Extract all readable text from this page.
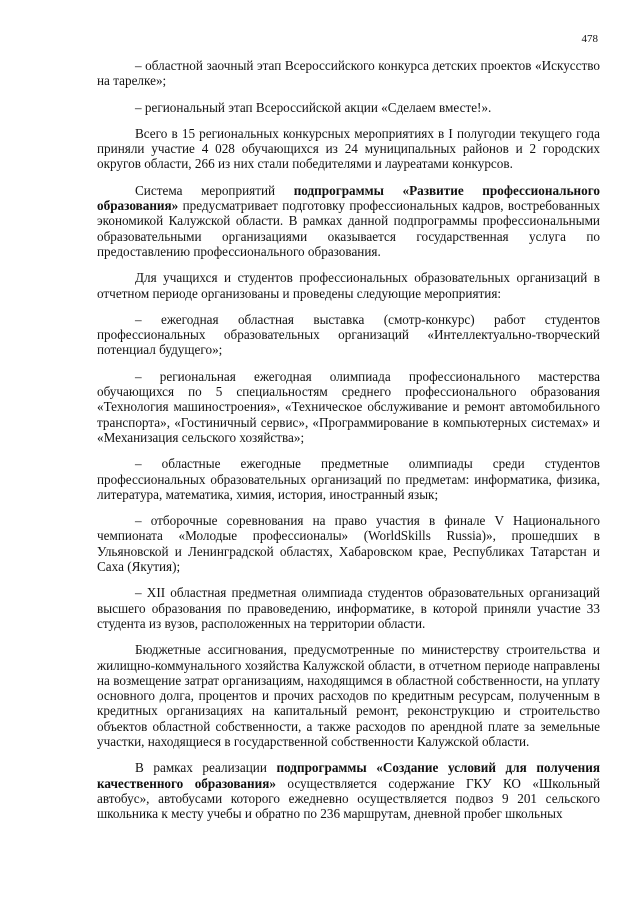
478

– областной заочный этап Всероссийского конкурса детских проектов «Искусство на тарелке»;

– региональный этап Всероссийской акции «Сделаем вместе!».

Всего в 15 региональных конкурсных мероприятиях в I полугодии текущего года приняли участие 4 028 обучающихся из 24 муниципальных районов и 2 городских округов области, 266 из них стали победителями и лауреатами конкурсов.

Система мероприятий подпрограммы «Развитие профессионального образования» предусматривает подготовку профессиональных кадров, востребованных экономикой Калужской области. В рамках данной подпрограммы профессиональными образовательными организациями оказывается государственная услуга по предоставлению профессионального образования.

Для учащихся и студентов профессиональных образовательных организаций в отчетном периоде организованы и проведены следующие мероприятия:

– ежегодная областная выставка (смотр-конкурс) работ студентов профессиональных образовательных организаций «Интеллектуально-творческий потенциал будущего»;

– региональная ежегодная олимпиада профессионального мастерства обучающихся по 5 специальностям среднего профессионального образования «Технология машиностроения», «Техническое обслуживание и ремонт автомобильного транспорта», «Гостиничный сервис», «Программирование в компьютерных системах» и «Механизация сельского хозяйства»;

– областные ежегодные предметные олимпиады среди студентов профессиональных образовательных организаций по предметам: информатика, физика, литература, математика, химия, история, иностранный язык;

– отборочные соревнования на право участия в финале V Национального чемпионата «Молодые профессионалы» (WorldSkills Russia)», прошедших в Ульяновской и Ленинградской областях, Хабаровском крае, Республиках Татарстан и Саха (Якутия);

– XII областная предметная олимпиада студентов образовательных организаций высшего образования по правоведению, информатике, в которой приняли участие 33 студента из вузов, расположенных на территории области.

Бюджетные ассигнования, предусмотренные по министерству строительства и жилищно-коммунального хозяйства Калужской области, в отчетном периоде направлены на возмещение затрат организациям, находящимся в областной собственности, на уплату основного долга, процентов и прочих расходов по кредитным ресурсам, полученным в кредитных организациях на капитальный ремонт, реконструкцию и строительство объектов областной собственности, а также расходов по арендной плате за земельные участки, находящиеся в государственной собственности Калужской области.

В рамках реализации подпрограммы «Создание условий для получения качественного образования» осуществляется содержание ГКУ КО «Школьный автобус», автобусами которого ежедневно осуществляется подвоз 9 201 сельского школьника к месту учебы и обратно по 236 маршрутам, дневной пробег школьных
